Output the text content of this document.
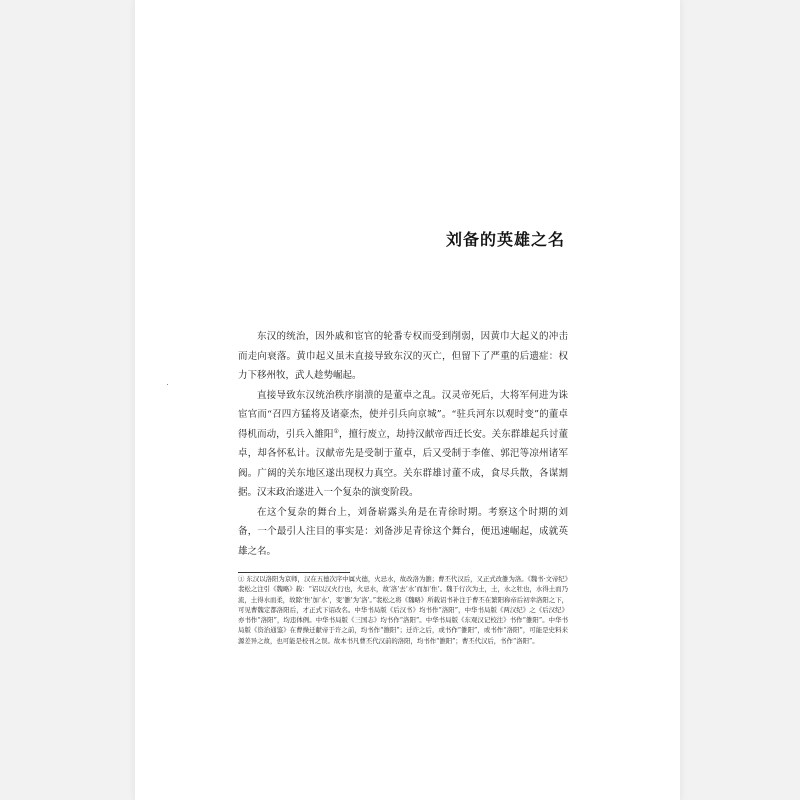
刘备的英雄之名

东汉的统治，因外戚和宦官的轮番专权而受到削弱，因黄巾大起义的冲击而走向衰落。黄巾起义虽未直接导致东汉的灭亡，但留下了严重的后遗症：权力下移州牧，武人趁势崛起。

直接导致东汉统治秩序崩溃的是董卓之乱。汉灵帝死后，大将军何进为诛宦官而“召四方猛将及诸豪杰，使并引兵向京城”。“驻兵河东以观时变”的董卓得机而动，引兵入雒阳①，擅行废立，劫持汉献帝西迁长安。关东群雄起兵讨董卓，却各怀私计。汉献帝先是受制于董卓，后又受制于李傕、郭汜等凉州诸军阀。广阔的关东地区遂出现权力真空。关东群雄讨董不成，食尽兵散，各谋割据。汉末政治遂进入一个复杂的演变阶段。

在这个复杂的舞台上，刘备崭露头角是在青徐时期。考察这个时期的刘备，一个最引人注目的事实是：刘备涉足青徐这个舞台，便迅速崛起，成就英雄之名。

① 东汉以洛阳为京师，汉在五德次序中属火德，火忌水，故改洛为雒；曹丕代汉后，又正式改雒为洛。《魏书·文帝纪》裴松之注引《魏略》载：“诏以汉火行也，火忌水，故‘洛’去‘水’而加‘隹’。魏于行次为土，土，水之牡也，水得土而乃流，土得水而柔，故除‘隹’加‘水’，变‘雒’为‘洛’。”裴松之将《魏略》所载诏书补注于曹丕在繁阳称帝后初幸洛阳之下，可见曹魏定都洛阳后，才正式下诏改名。中华书局版《后汉书》均书作“洛阳”，中华书局版《两汉纪》之《后汉纪》亦书作“洛阳”，均违体例。中华书局版《三国志》均书作“洛阳”。中华书局版《东观汉记校注》书作“雒阳”。中华书局版《资治通鉴》在曹操迁献帝于许之前，均书作“雒阳”；迁许之后，或书作“雒阳”，或书作“洛阳”，可能是史料来源差异之故，也可能是校刊之误。故本书凡曹丕代汉前的洛阳，均书作“雒阳”；曹丕代汉后，书作“洛阳”。
